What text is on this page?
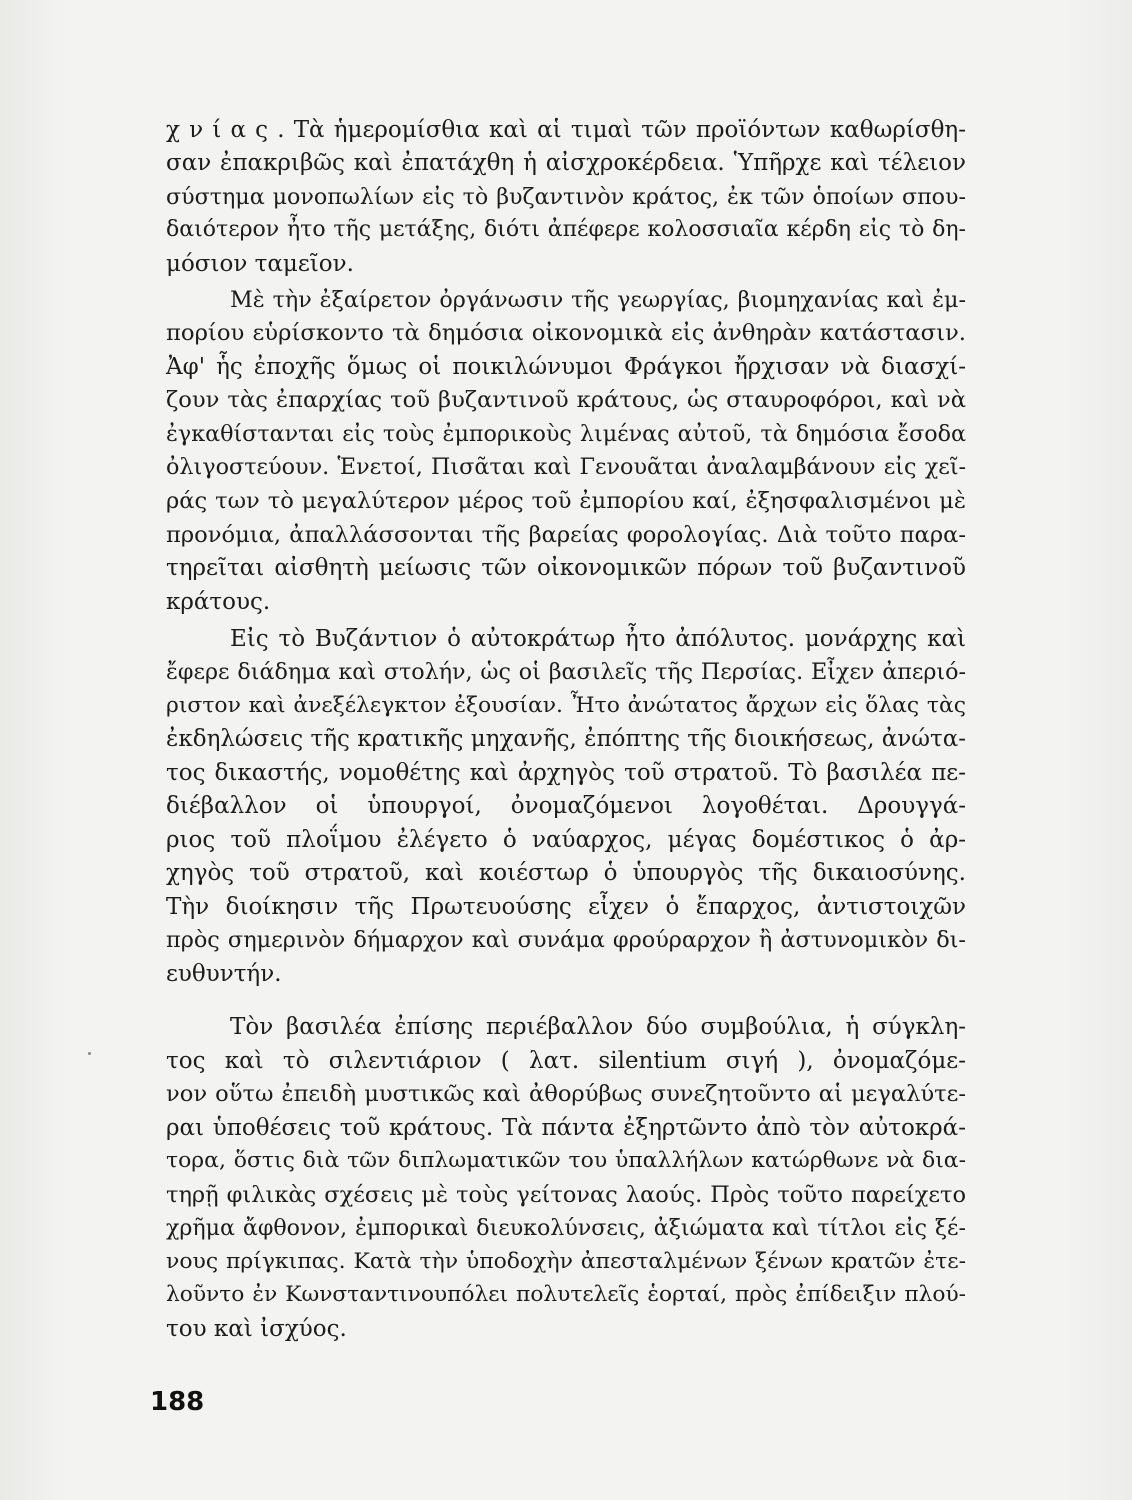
χ ν ί α ς . Τὰ ἡμερομίσθια καὶ αἱ τιμαὶ τῶν προϊόντων καθωρίσθη-
σαν ἐπακριβῶς καὶ ἐπατάχθη ἡ αἰσχροκέρδεια. Ὑπῆρχε καὶ τέλειον
σύστημα μονοπωλίων εἰς τὸ βυζαντινὸν κράτος, ἐκ τῶν ὁποίων σπου-
δαιότερον ἦτο τῆς μετάξης, διότι ἀπέφερε κολοσσιαῖα κέρδη εἰς τὸ δη-
μόσιον ταμεῖον.
Μὲ τὴν ἐξαίρετον ὀργάνωσιν τῆς γεωργίας, βιομηχανίας καὶ ἐμ-
πορίου εὑρίσκοντο τὰ δημόσια οἰκονομικὰ εἰς ἀνθηρὰν κατάστασιν.
Ἀφ' ἧς ἐποχῆς ὅμως οἱ ποικιλώνυμοι Φράγκοι ἤρχισαν νὰ διασχί-
ζουν τὰς ἐπαρχίας τοῦ βυζαντινοῦ κράτους, ὡς σταυροφόροι, καὶ νὰ
ἐγκαθίστανται εἰς τοὺς ἐμπορικοὺς λιμένας αὐτοῦ, τὰ δημόσια ἔσοδα
ὀλιγοστεύουν. Ἑνετοί, Πισᾶται καὶ Γενουᾶται ἀναλαμβάνουν εἰς χεῖ-
ράς των τὸ μεγαλύτερον μέρος τοῦ ἐμπορίου καί, ἐξησφαλισμένοι μὲ
προνόμια, ἀπαλλάσσονται τῆς βαρείας φορολογίας. Διὰ τοῦτο παρα-
τηρεῖται αἰσθητὴ μείωσις τῶν οἰκονομικῶν πόρων τοῦ βυζαντινοῦ
κράτους.
Εἰς τὸ Βυζάντιον ὁ αὐτοκράτωρ ἦτο ἀπόλυτος. μονάρχης καὶ
ἔφερε διάδημα καὶ στολήν, ὡς οἱ βασιλεῖς τῆς Περσίας. Εἶχεν ἀπεριό-
ριστον καὶ ἀνεξέλεγκτον ἐξουσίαν. Ἦτο ἀνώτατος ἄρχων εἰς ὅλας τὰς
ἐκδηλώσεις τῆς κρατικῆς μηχανῆς, ἐπόπτης τῆς διοικήσεως, ἀνώτα-
τος δικαστής, νομοθέτης καὶ ἀρχηγὸς τοῦ στρατοῦ. Τὸ βασιλέα πε-
διέβαλλον οἱ ὑπουργοί, ὀνομαζόμενοι λογοθέται. Δρουγγά-
ριος τοῦ πλοΐμου ἐλέγετο ὁ ναύαρχος, μέγας δομέστικος ὁ ἀρ-
χηγὸς τοῦ στρατοῦ, καὶ κοιέστωρ ὁ ὑπουργὸς τῆς δικαιοσύνης.
Τὴν διοίκησιν τῆς Πρωτευούσης εἶχεν ὁ ἔπαρχος, ἀντιστοιχῶν
πρὸς σημερινὸν δήμαρχον καὶ συνάμα φρούραρχον ἢ ἀστυνομικὸν δι-
ευθυντήν.
Τὸν βασιλέα ἐπίσης περιέβαλλον δύο συμβούλια, ἡ σύγκλη-
τος καὶ τὸ σιλεντιάριον ( λατ. silentium σιγή ), ὀνομαζόμε-
νον οὕτω ἐπειδὴ μυστικῶς καὶ ἀθορύβως συνεζητοῦντο αἱ μεγαλύτε-
ραι ὑποθέσεις τοῦ κράτους. Τὰ πάντα ἐξηρτῶντο ἀπὸ τὸν αὐτοκρά-
τορα, ὅστις διὰ τῶν διπλωματικῶν του ὑπαλλήλων κατώρθωνε νὰ δια-
τηρῇ φιλικὰς σχέσεις μὲ τοὺς γείτονας λαούς. Πρὸς τοῦτο παρείχετο
χρῆμα ἄφθονον, ἐμπορικαὶ διευκολύνσεις, ἀξιώματα καὶ τίτλοι εἰς ξέ-
νους πρίγκιπας. Κατὰ τὴν ὑποδοχὴν ἀπεσταλμένων ξένων κρατῶν ἐτε-
λοῦντο ἐν Κωνσταντινουπόλει πολυτελεῖς ἑορταί, πρὸς ἐπίδειξιν πλού-
του καὶ ἰσχύος.
188
